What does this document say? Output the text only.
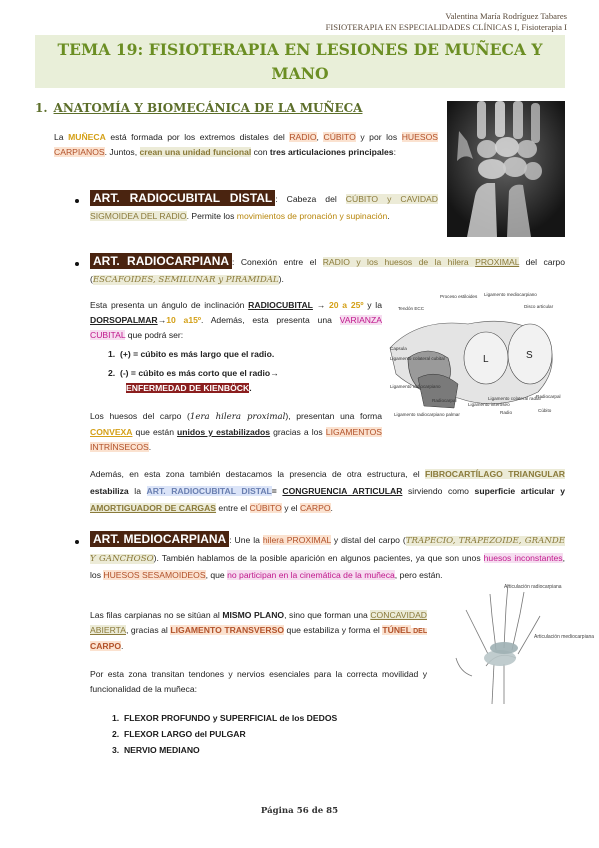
Valentina María Rodríguez Tabares
FISIOTERAPIA EN ESPECIALIDADES CLÍNICAS I, Fisioterapia I
TEMA 19: FISIOTERAPIA EN LESIONES DE MUÑECA Y
MANO
1. ANATOMÍA Y BIOMECÁNICA DE LA MUÑECA
La MUÑECA está formada por los extremos distales del RADIO, CÚBITO y por los HUESOS CARPIANOS. Juntos, crean una unidad funcional con tres articulaciones principales:
ART. RADIOCUBITAL DISTAL : Cabeza del CÚBITO y CAVIDAD SIGMOIDEA DEL RADIO. Permite los movimientos de pronación y supinación.
ART. RADIOCARPIANA : Conexión entre el RADIO y los huesos de la hilera PROXIMAL del carpo (ESCAFOIDES, SEMILUNAR y PIRAMIDAL).
Esta presenta un ángulo de inclinación RADIOCUBITAL → 20 a 25º y la DORSOPALMAR→10 a15º. Además, esta presenta una VARIANZA CUBITAL que podrá ser:
1. (+) = cúbito es más largo que el radio.
2. (-) = cúbito es más corto que el radio→
ENFERMEDAD DE KIENBÖCK.
Los huesos del carpo (1era hilera proximal), presentan una forma CONVEXA que están unidos y estabilizados gracias a los LIGAMENTOS INTRÍNSECOS.
L	S
Tendón ECC
Proceso estiloides Ligamento mediocarpiano
Disco articular
Capsula
Ligamento colateral cubital
Ligamento radiocarpiano
Radiocarpal
Ligamento interóseo
Ligamento colateral radial
Radio
Radiocarpal
Ligamento radiocarpiano palmar
Cúbito
Además, en esta zona también destacamos la presencia de otra estructura, el FIBROCARTÍLAGO TRIANGULAR estabiliza la ART. RADIOCUBITAL DISTAL= CONGRUENCIA ARTICULAR sirviendo como superficie articular y AMORTIGUADOR DE CARGAS entre el CÚBITO y el CARPO.
ART. MEDIOCARPIANA : Une la hilera PROXIMAL y distal del carpo (TRAPECIO, TRAPEZOIDE, GRANDE Y GANCHOSO). También hablamos de la posible aparición en algunos pacientes, ya que son unos huesos inconstantes, los HUESOS SESAMOIDEOS, que no participan en la cinemática de la muñeca, pero están.
Las filas carpianas no se sitúan al MISMO PLANO, sino que forman una CONCAVIDAD ABIERTA, gracias al LIGAMENTO TRANSVERSO que estabiliza y forma el TÚNEL DEL CARPO.
Por esta zona transitan tendones y nervios esenciales para la correcta movilidad y funcionalidad de la muñeca:
Articulación radiocarpiana
Articulación mediocarpiana
1. FLEXOR PROFUNDO y SUPERFICIAL de los DEDOS
2. FLEXOR LARGO del PULGAR
3. NERVIO MEDIANO
Página 56 de 85
